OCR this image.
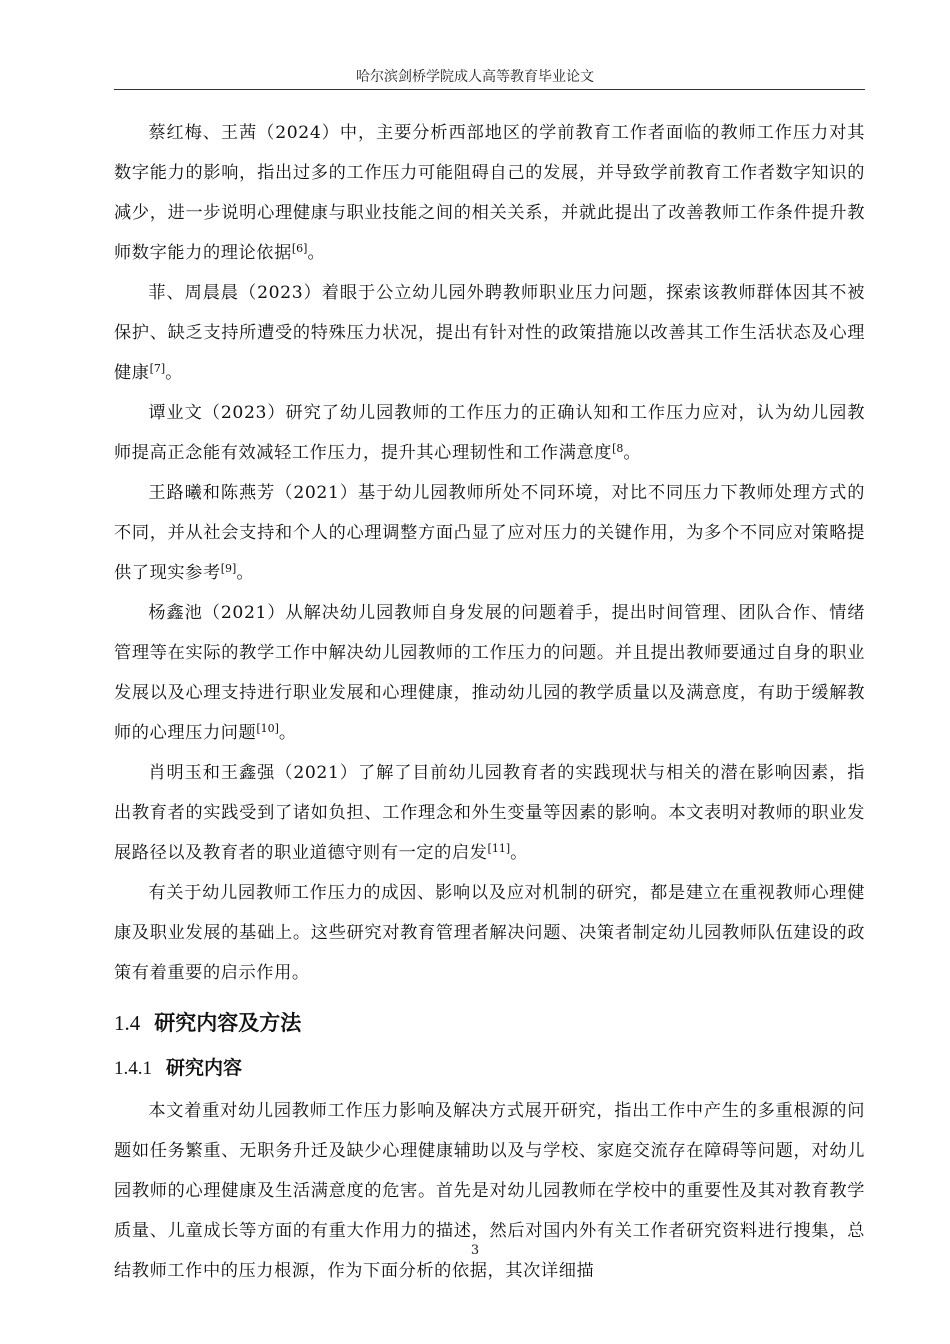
哈尔滨剑桥学院成人高等教育毕业论文

蔡红梅、王茜（2024）中，主要分析西部地区的学前教育工作者面临的教师工作压力对其数字能力的影响，指出过多的工作压力可能阻碍自己的发展，并导致学前教育工作者数字知识的减少，进一步说明心理健康与职业技能之间的相关关系，并就此提出了改善教师工作条件提升教师数字能力的理论依据[6]。

菲、周晨晨（2023）着眼于公立幼儿园外聘教师职业压力问题，探索该教师群体因其不被保护、缺乏支持所遭受的特殊压力状况，提出有针对性的政策措施以改善其工作生活状态及心理健康[7]。

谭业文（2023）研究了幼儿园教师的工作压力的正确认知和工作压力应对，认为幼儿园教师提高正念能有效减轻工作压力，提升其心理韧性和工作满意度$^{[8}$。

王路曦和陈燕芳（2021）基于幼儿园教师所处不同环境，对比不同压力下教师处理方式的不同，并从社会支持和个人的心理调整方面凸显了应对压力的关键作用，为多个不同应对策略提供了现实参考[9]。

杨鑫池（2021）从解决幼儿园教师自身发展的问题着手，提出时间管理、团队合作、情绪管理等在实际的教学工作中解决幼儿园教师的工作压力的问题。并且提出教师要通过自身的职业发展以及心理支持进行职业发展和心理健康，推动幼儿园的教学质量以及满意度，有助于缓解教师的心理压力问题[10]。

肖明玉和王鑫强（2021）了解了目前幼儿园教育者的实践现状与相关的潜在影响因素，指出教育者的实践受到了诸如负担、工作理念和外生变量等因素的影响。本文表明对教师的职业发展路径以及教育者的职业道德守则有一定的启发[11]。

有关于幼儿园教师工作压力的成因、影响以及应对机制的研究，都是建立在重视教师心理健康及职业发展的基础上。这些研究对教育管理者解决问题、决策者制定幼儿园教师队伍建设的政策有着重要的启示作用。

1.4 研究内容及方法
1.4.1 研究内容

本文着重对幼儿园教师工作压力影响及解决方式展开研究，指出工作中产生的多重根源的问题如任务繁重、无职务升迁及缺少心理健康辅助以及与学校、家庭交流存在障碍等问题，对幼儿园教师的心理健康及生活满意度的危害。首先是对幼儿园教师在学校中的重要性及其对教育教学质量、儿童成长等方面的有重大作用力的描述，然后对国内外有关工作者研究资料进行搜集，总结教师工作中的压力根源，作为下面分析的依据，其次详细描

3
